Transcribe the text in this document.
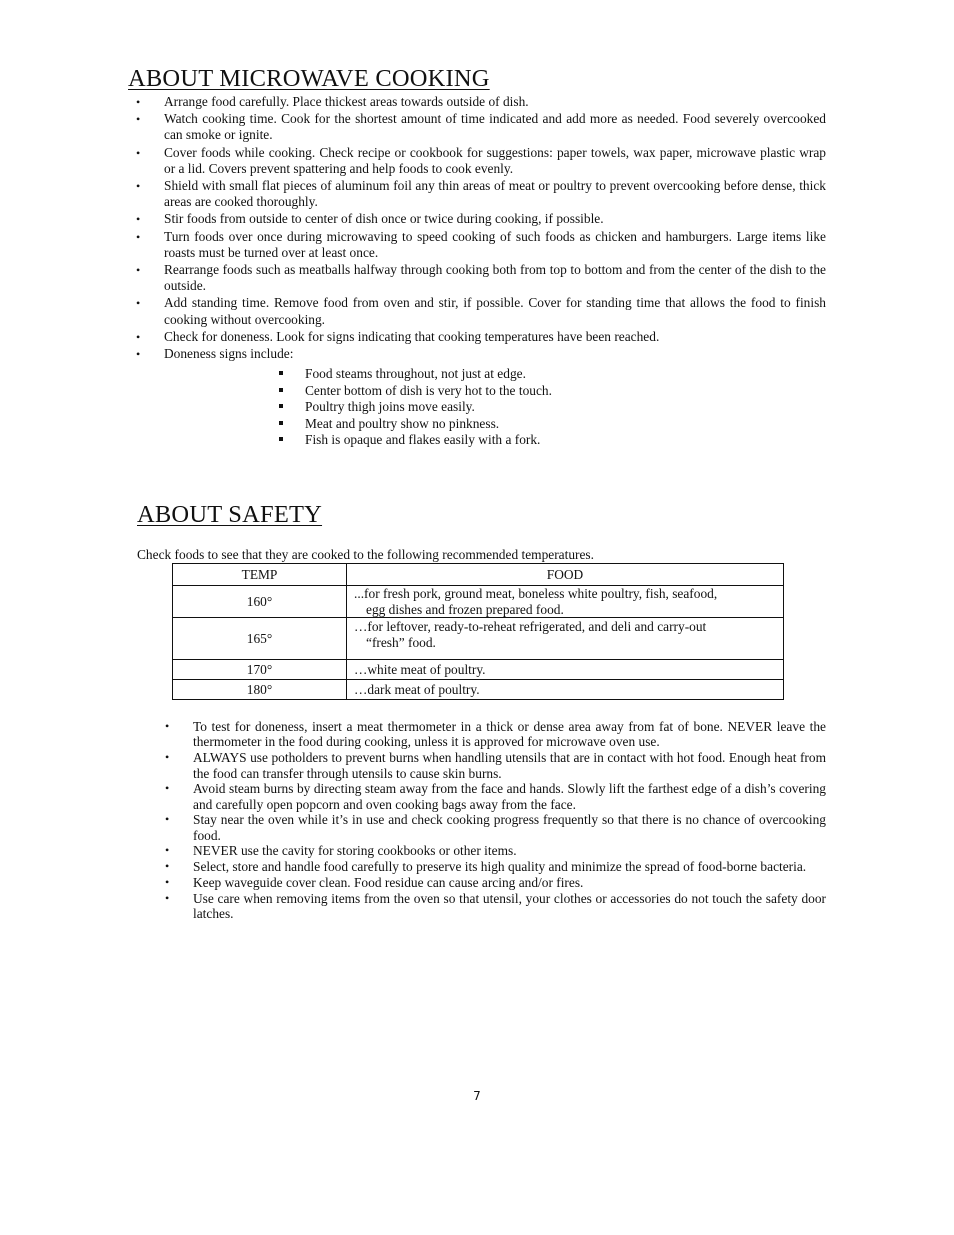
ABOUT MICROWAVE COOKING
• Arrange food carefully. Place thickest areas towards outside of dish.
• Watch cooking time. Cook for the shortest amount of time indicated and add more as needed. Food severely overcooked can smoke or ignite.
• Cover foods while cooking. Check recipe or cookbook for suggestions: paper towels, wax paper, microwave plastic wrap or a lid. Covers prevent spattering and help foods to cook evenly.
• Shield with small flat pieces of aluminum foil any thin areas of meat or poultry to prevent overcooking before dense, thick areas are cooked thoroughly.
• Stir foods from outside to center of dish once or twice during cooking, if possible.
• Turn foods over once during microwaving to speed cooking of such foods as chicken and hamburgers. Large items like roasts must be turned over at least once.
• Rearrange foods such as meatballs halfway through cooking both from top to bottom and from the center of the dish to the outside.
• Add standing time. Remove food from oven and stir, if possible. Cover for standing time that allows the food to finish cooking without overcooking.
• Check for doneness. Look for signs indicating that cooking temperatures have been reached.
• Doneness signs include:
Food steams throughout, not just at edge.
Center bottom of dish is very hot to the touch.
Poultry thigh joins move easily.
Meat and poultry show no pinkness.
Fish is opaque and flakes easily with a fork.
ABOUT SAFETY
Check foods to see that they are cooked to the following recommended temperatures.
TEMP	FOOD
160°	...for fresh pork, ground meat, boneless white poultry, fish, seafood,
egg dishes and frozen prepared food.

165°	…for leftover, ready-to-reheat refrigerated, and deli and carry-out
“fresh” food.

170°	…white meat of poultry.
180°	…dark meat of poultry.
• To test for doneness, insert a meat thermometer in a thick or dense area away from fat of bone. NEVER leave the thermometer in the food during cooking, unless it is approved for microwave oven use.
• ALWAYS use potholders to prevent burns when handling utensils that are in contact with hot food. Enough heat from the food can transfer through utensils to cause skin burns.
• Avoid steam burns by directing steam away from the face and hands. Slowly lift the farthest edge of a dish’s covering and carefully open popcorn and oven cooking bags away from the face.
• Stay near the oven while it’s in use and check cooking progress frequently so that there is no chance of overcooking food.
• NEVER use the cavity for storing cookbooks or other items.
• Select, store and handle food carefully to preserve its high quality and minimize the spread of food-borne bacteria.
• Keep waveguide cover clean. Food residue can cause arcing and/or fires.
• Use care when removing items from the oven so that utensil, your clothes or accessories do not touch the safety door latches.
7
